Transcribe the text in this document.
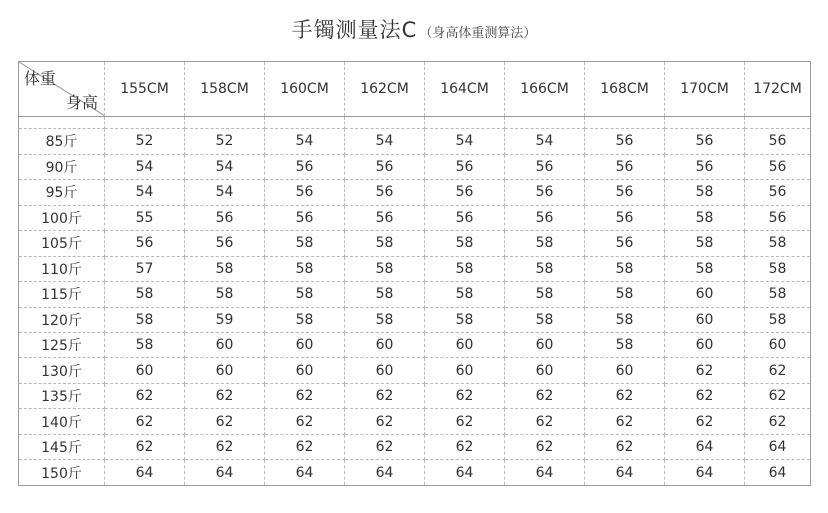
手镯测量法C （身高体重测算法）
体重
身高	155CM	158CM	160CM	162CM	164CM	166CM	168CM	170CM	172CM

85斤	52	52	54	54	54	54	56	56	56
90斤	54	54	56	56	56	56	56	56	56
95斤	54	54	56	56	56	56	56	58	56
100斤	55	56	56	56	56	56	56	58	56
105斤	56	56	58	58	58	58	56	58	58
110斤	57	58	58	58	58	58	58	58	58
115斤	58	58	58	58	58	58	58	60	58
120斤	58	59	58	58	58	58	58	60	58
125斤	58	60	60	60	60	60	58	60	60
130斤	60	60	60	60	60	60	60	62	62
135斤	62	62	62	62	62	62	62	62	62
140斤	62	62	62	62	62	62	62	62	62
145斤	62	62	62	62	62	62	62	64	64
150斤	64	64	64	64	64	64	64	64	64
